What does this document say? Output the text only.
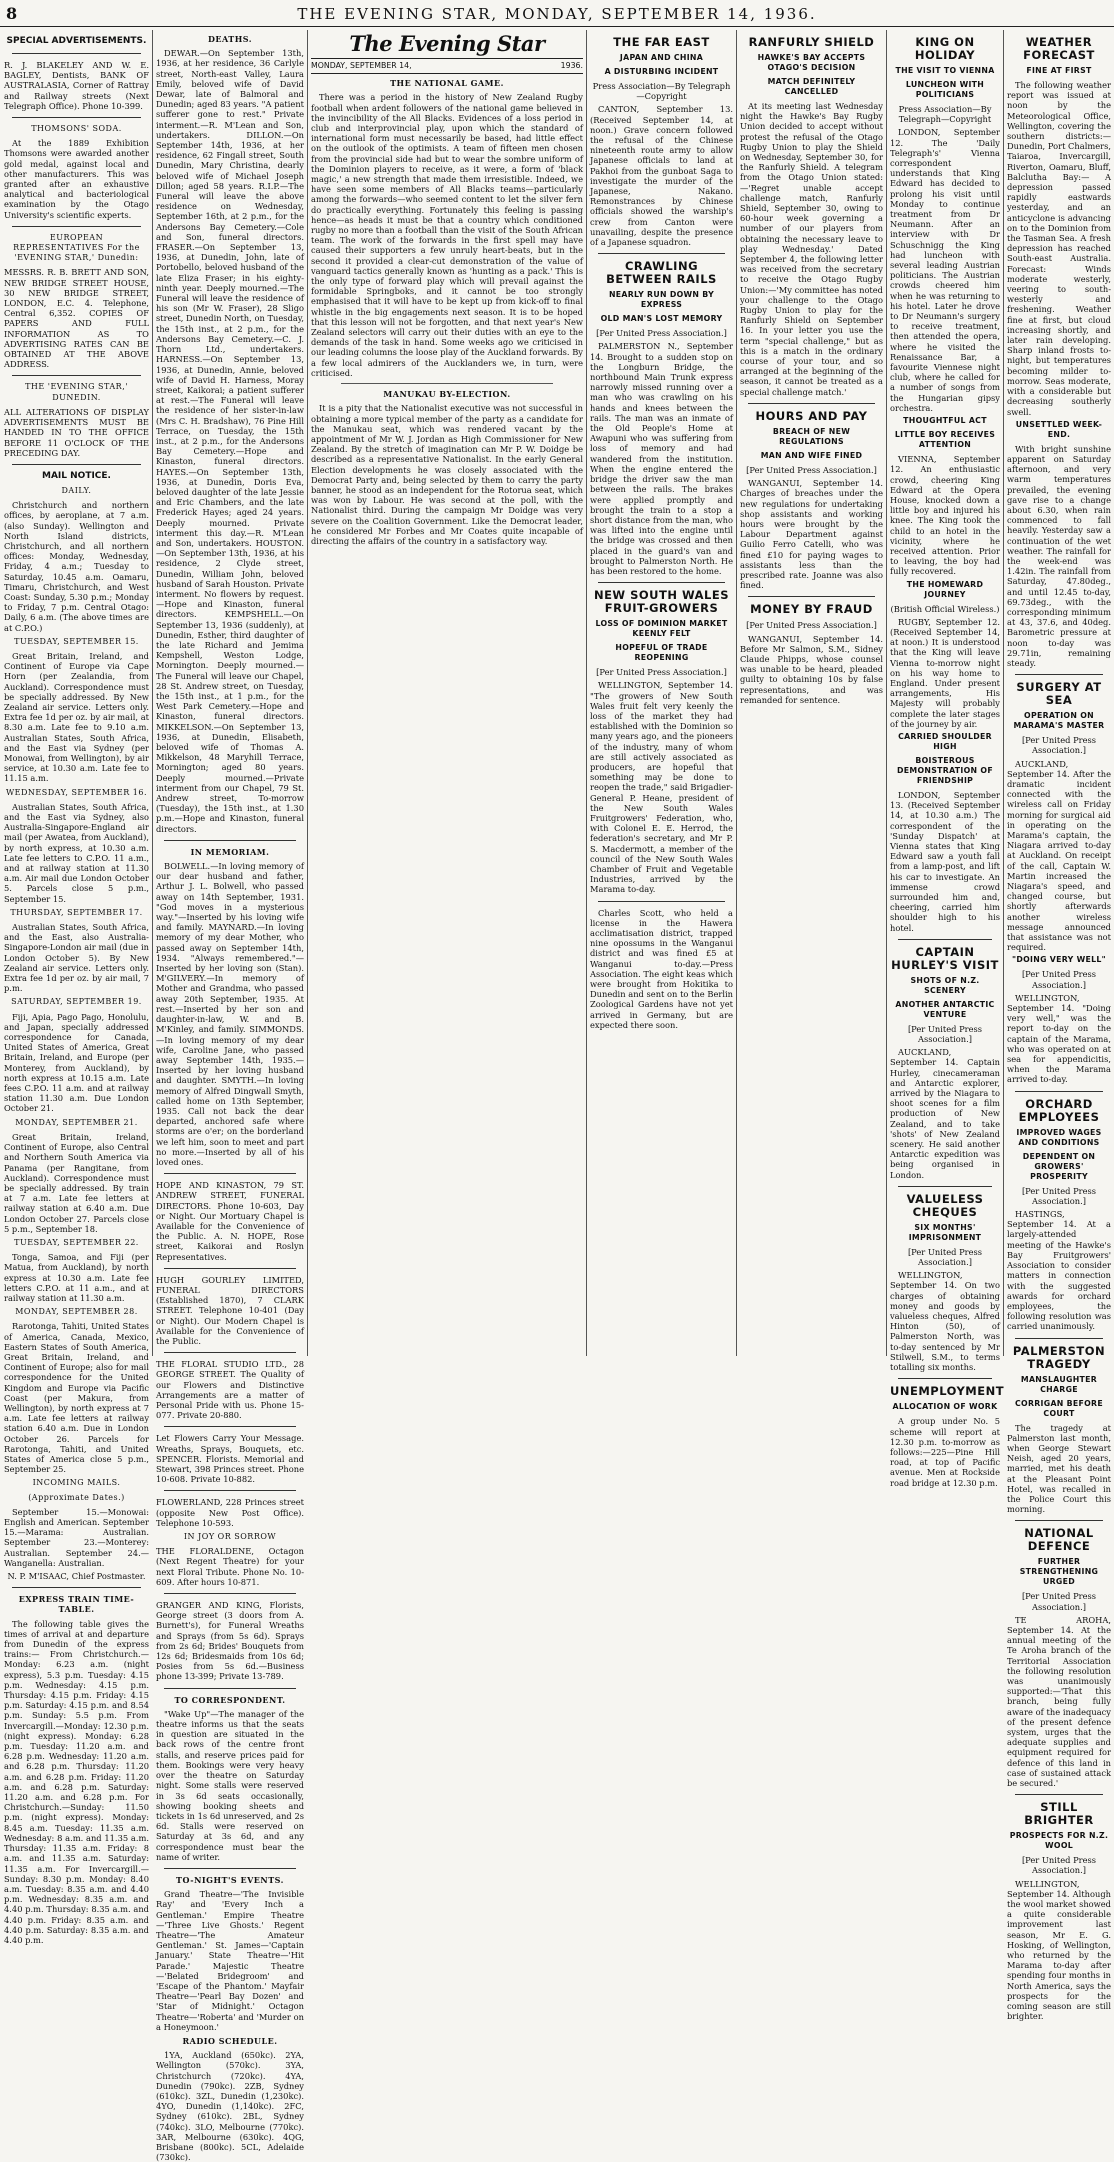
8	THE EVENING STAR, MONDAY, SEPTEMBER 14, 1936.
SPECIAL ADVERTISEMENTS.

R. J. BLAKELEY AND W. E. BAGLEY, Dentists, BANK OF AUSTRALASIA, Corner of Rattray and Railway streets (Next Telegraph Office). Phone 10-399.

THOMSONS' SODA.

At the 1889 Exhibition Thomsons were awarded another gold medal, against local and other manufacturers. This was granted after an exhaustive analytical and bacteriological examination by the Otago University's scientific experts.

EUROPEAN REPRESENTATIVES For the 'EVENING STAR,' Dunedin:

MESSRS. R. B. BRETT AND SON, NEW BRIDGE STREET HOUSE, 30 NEW BRIDGE STREET, LONDON, E.C. 4. Telephone, Central 6,352. COPIES OF PAPERS AND FULL INFORMATION AS TO ADVERTISING RATES CAN BE OBTAINED AT THE ABOVE ADDRESS.

THE 'EVENING STAR,' DUNEDIN.

ALL ALTERATIONS OF DISPLAY ADVERTISEMENTS MUST BE HANDED IN TO THE OFFICE BEFORE 11 O'CLOCK OF THE PRECEDING DAY.

MAIL NOTICE.
DAILY.

Christchurch and northern offices, by aeroplane, at 7 a.m. (also Sunday). Wellington and North Island districts, Christchurch, and all northern offices: Monday, Wednesday, Friday, 4 a.m.; Tuesday to Saturday, 10.45 a.m. Oamaru, Timaru, Christchurch, and West Coast: Sunday, 5.30 p.m.; Monday to Friday, 7 p.m. Central Otago: Daily, 6 a.m. (The above times are at C.P.O.)

TUESDAY, SEPTEMBER 15.

Great Britain, Ireland, and Continent of Europe via Cape Horn (per Zealandia, from Auckland). Correspondence must be specially addressed. By New Zealand air service. Letters only. Extra fee 1d per oz. by air mail, at 8.30 a.m. Late fee to 9.10 a.m. Australian States, South Africa, and the East via Sydney (per Monowai, from Wellington), by air service, at 10.30 a.m. Late fee to 11.15 a.m.

WEDNESDAY, SEPTEMBER 16.

Australian States, South Africa, and the East via Sydney, also Australia-Singapore-England air mail (per Awatea, from Auckland), by north express, at 10.30 a.m. Late fee letters to C.P.O. 11 a.m., and at railway station at 11.30 a.m. Air mail due London October 5. Parcels close 5 p.m., September 15.

THURSDAY, SEPTEMBER 17.

Australian States, South Africa, and the East, also Australia-Singapore-London air mail (due in London October 5). By New Zealand air service. Letters only. Extra fee 1d per oz. by air mail, 7 p.m.

SATURDAY, SEPTEMBER 19.

Fiji, Apia, Pago Pago, Honolulu, and Japan, specially addressed correspondence for Canada, United States of America, Great Britain, Ireland, and Europe (per Monterey, from Auckland), by north express at 10.15 a.m. Late fees C.P.O. 11 a.m. and at railway station 11.30 a.m. Due London October 21.

MONDAY, SEPTEMBER 21.

Great Britain, Ireland, Continent of Europe, also Central and Northern South America via Panama (per Rangitane, from Auckland). Correspondence must be specially addressed. By train at 7 a.m. Late fee letters at railway station at 6.40 a.m. Due London October 27. Parcels close 5 p.m., September 18.

TUESDAY, SEPTEMBER 22.

Tonga, Samoa, and Fiji (per Matua, from Auckland), by north express at 10.30 a.m. Late fee letters C.P.O. at 11 a.m., and at railway station at 11.30 a.m.

MONDAY, SEPTEMBER 28.

Rarotonga, Tahiti, United States of America, Canada, Mexico, Eastern States of South America, Great Britain, Ireland, and Continent of Europe; also for mail correspondence for the United Kingdom and Europe via Pacific Coast (per Makura, from Wellington), by north express at 7 a.m. Late fee letters at railway station 6.40 a.m. Due in London October 26. Parcels for Rarotonga, Tahiti, and United States of America close 5 p.m., September 25.

INCOMING MAILS.
(Approximate Dates.)

September 15.—Monowai: English and American. September 15.—Marama: Australian. September 23.—Monterey: Australian. September 24.—Wanganella: Australian.

N. P. M'ISAAC, Chief Postmaster.

EXPRESS TRAIN TIME-TABLE.

The following table gives the times of arrival at and departure from Dunedin of the express trains:— From Christchurch.—Monday: 6.23 a.m. (night express), 5.3 p.m. Tuesday: 4.15 p.m. Wednesday: 4.15 p.m. Thursday: 4.15 p.m. Friday: 4.15 p.m. Saturday: 4.15 p.m. and 8.54 p.m. Sunday: 5.5 p.m. From Invercargill.—Monday: 12.30 p.m. (night express). Monday: 6.28 p.m. Tuesday: 11.20 a.m. and 6.28 p.m. Wednesday: 11.20 a.m. and 6.28 p.m. Thursday: 11.20 a.m. and 6.28 p.m. Friday: 11.20 a.m. and 6.28 p.m. Saturday: 11.20 a.m. and 6.28 p.m. For Christchurch.—Sunday: 11.50 p.m. (night express). Monday: 8.45 a.m. Tuesday: 11.35 a.m. Wednesday: 8 a.m. and 11.35 a.m. Thursday: 11.35 a.m. Friday: 8 a.m. and 11.35 a.m. Saturday: 11.35 a.m. For Invercargill.—Sunday: 8.30 p.m. Monday: 8.40 a.m. Tuesday: 8.35 a.m. and 4.40 p.m. Wednesday: 8.35 a.m. and 4.40 p.m. Thursday: 8.35 a.m. and 4.40 p.m. Friday: 8.35 a.m. and 4.40 p.m. Saturday: 8.35 a.m. and 4.40 p.m.

DEATHS.

DEWAR.—On September 13th, 1936, at her residence, 36 Carlyle street, North-east Valley, Laura Emily, beloved wife of David Dewar, late of Balmoral and Dunedin; aged 83 years. "A patient sufferer gone to rest." Private interment.—R. M'Lean and Son, undertakers. DILLON.—On September 14th, 1936, at her residence, 62 Fingall street, South Dunedin, Mary Christina, dearly beloved wife of Michael Joseph Dillon; aged 58 years. R.I.P.—The Funeral will leave the above residence on Wednesday, September 16th, at 2 p.m., for the Andersons Bay Cemetery.—Cole and Son, funeral directors. FRASER.—On September 13, 1936, at Dunedin, John, late of Portobello, beloved husband of the late Eliza Fraser; in his eighty-ninth year. Deeply mourned.—The Funeral will leave the residence of his son (Mr W. Fraser), 28 Sligo street, Dunedin North, on Tuesday, the 15th inst., at 2 p.m., for the Andersons Bay Cemetery.—C. J. Thorn Ltd., undertakers. HARNESS.—On September 13, 1936, at Dunedin, Annie, beloved wife of David H. Harness, Moray street, Kaikorai; a patient sufferer at rest.—The Funeral will leave the residence of her sister-in-law (Mrs C. H. Bradshaw), 76 Pine Hill Terrace, on Tuesday, the 15th inst., at 2 p.m., for the Andersons Bay Cemetery.—Hope and Kinaston, funeral directors. HAYES.—On September 13th, 1936, at Dunedin, Doris Eva, beloved daughter of the late Jessie and Eric Chambers, and the late Frederick Hayes; aged 24 years. Deeply mourned. Private interment this day.—R. M'Lean and Son, undertakers. HOUSTON.—On September 13th, 1936, at his residence, 2 Clyde street, Dunedin, William John, beloved husband of Sarah Houston. Private interment. No flowers by request.—Hope and Kinaston, funeral directors. KEMPSHELL.—On September 13, 1936 (suddenly), at Dunedin, Esther, third daughter of the late Richard and Jemima Kempshell, Weston Lodge, Mornington. Deeply mourned.—The Funeral will leave our Chapel, 28 St. Andrew street, on Tuesday, the 15th inst., at 1 p.m., for the West Park Cemetery.—Hope and Kinaston, funeral directors. MIKKELSON.—On September 13, 1936, at Dunedin, Elisabeth, beloved wife of Thomas A. Mikkelson, 48 Maryhill Terrace, Mornington; aged 80 years. Deeply mourned.—Private interment from our Chapel, 79 St. Andrew street, To-morrow (Tuesday), the 15th inst., at 1.30 p.m.—Hope and Kinaston, funeral directors.

IN MEMORIAM.

BOLWELL.—In loving memory of our dear husband and father, Arthur J. L. Bolwell, who passed away on 14th September, 1931. "God moves in a mysterious way."—Inserted by his loving wife and family. MAYNARD.—In loving memory of my dear Mother, who passed away on September 14th, 1934. "Always remembered."—Inserted by her loving son (Stan). M'GILVERY.—In memory of Mother and Grandma, who passed away 20th September, 1935. At rest.—Inserted by her son and daughter-in-law, W. and B. M'Kinley, and family. SIMMONDS.—In loving memory of my dear wife, Caroline Jane, who passed away September 14th, 1935.—Inserted by her loving husband and daughter. SMYTH.—In loving memory of Alfred Dingwall Smyth, called home on 13th September, 1935. Call not back the dear departed, anchored safe where storms are o'er; on the borderland we left him, soon to meet and part no more.—Inserted by all of his loved ones.

HOPE AND KINASTON, 79 ST. ANDREW STREET, FUNERAL DIRECTORS. Phone 10-603, Day or Night. Our Mortuary Chapel is Available for the Convenience of the Public. A. N. HOPE, Rose street, Kaikorai and Roslyn Representatives.

HUGH GOURLEY LIMITED, FUNERAL DIRECTORS (Established 1870), 7 CLARK STREET. Telephone 10-401 (Day or Night). Our Modern Chapel is Available for the Convenience of the Public.

THE FLORAL STUDIO LTD., 28 GEORGE STREET. The Quality of our Flowers and Distinctive Arrangements are a matter of Personal Pride with us. Phone 15-077. Private 20-880.

Let Flowers Carry Your Message. Wreaths, Sprays, Bouquets, etc. SPENCER. Florists. Memorial and Stewart, 398 Princes street. Phone 10-608. Private 10-882.

FLOWERLAND, 228 Princes street (opposite New Post Office). Telephone 10-593.

IN JOY OR SORROW

THE FLORALDENE, Octagon (Next Regent Theatre) for your next Floral Tribute. Phone No. 10-609. After hours 10-871.

GRANGER AND KING, Florists, George street (3 doors from A. Burnett's), for Funeral Wreaths and Sprays (from 5s 6d). Sprays from 2s 6d; Brides' Bouquets from 12s 6d; Bridesmaids from 10s 6d; Posies from 5s 6d.—Business phone 13-399; Private 13-789.

TO CORRESPONDENT.

"Wake Up"—The manager of the theatre informs us that the seats in question are situated in the back rows of the centre front stalls, and reserve prices paid for them. Bookings were very heavy over the theatre on Saturday night. Some stalls were reserved in 3s 6d seats occasionally, showing booking sheets and tickets in 1s 6d unreserved, and 2s 6d. Stalls were reserved on Saturday at 3s 6d, and any correspondence must bear the name of writer.

TO-NIGHT'S EVENTS.

Grand Theatre—'The Invisible Ray' and 'Every Inch a Gentleman.' Empire Theatre—'Three Live Ghosts.' Regent Theatre—'The Amateur Gentleman.' St. James—'Captain January.' State Theatre—'Hit Parade.' Majestic Theatre—'Belated Bridegroom' and 'Escape of the Phantom.' Mayfair Theatre—'Pearl Bay Dozen' and 'Star of Midnight.' Octagon Theatre—'Roberta' and 'Murder on a Honeymoon.'

RADIO SCHEDULE.

1YA, Auckland (650kc). 2YA, Wellington (570kc). 3YA, Christchurch (720kc). 4YA, Dunedin (790kc). 2ZB, Sydney (610kc). 3ZL, Dunedin (1,230kc). 4YO, Dunedin (1,140kc). 2FC, Sydney (610kc). 2BL, Sydney (740kc). 3LO, Melbourne (770kc). 3AR, Melbourne (630kc). 4QG, Brisbane (800kc). 5CL, Adelaide (730kc).

The Evening Star
MONDAY, SEPTEMBER 14,	1936.
THE NATIONAL GAME.

There was a period in the history of New Zealand Rugby football when ardent followers of the national game believed in the invincibility of the All Blacks. Evidences of a loss period in club and interprovincial play, upon which the standard of international form must necessarily be based, had little effect on the outlook of the optimists. A team of fifteen men chosen from the provincial side had but to wear the sombre uniform of the Dominion players to receive, as it were, a form of 'black magic,' a new strength that made them irresistible. Indeed, we have seen some members of All Blacks teams—particularly among the forwards—who seemed content to let the silver fern do practically everything. Fortunately this feeling is passing hence—as heads it must be that a country which conditioned rugby no more than a football than the visit of the South African team. The work of the forwards in the first spell may have caused their supporters a few unruly heart-beats, but in the second it provided a clear-cut demonstration of the value of vanguard tactics generally known as 'hunting as a pack.' This is the only type of forward play which will prevail against the formidable Springboks, and it cannot be too strongly emphasised that it will have to be kept up from kick-off to final whistle in the big engagements next season. It is to be hoped that this lesson will not be forgotten, and that next year's New Zealand selectors will carry out their duties with an eye to the demands of the task in hand. Some weeks ago we criticised in our leading columns the loose play of the Auckland forwards. By a few local admirers of the Aucklanders we, in turn, were criticised.

MANUKAU BY-ELECTION.

It is a pity that the Nationalist executive was not successful in obtaining a more typical member of the party as a candidate for the Manukau seat, which was rendered vacant by the appointment of Mr W. J. Jordan as High Commissioner for New Zealand. By the stretch of imagination can Mr P. W. Doidge be described as a representative Nationalist. In the early General Election developments he was closely associated with the Democrat Party and, being selected by them to carry the party banner, he stood as an independent for the Rotorua seat, which was won by Labour. He was second at the poll, with the Nationalist third. During the campaign Mr Doidge was very severe on the Coalition Government. Like the Democrat leader, he considered Mr Forbes and Mr Coates quite incapable of directing the affairs of the country in a satisfactory way.

THE FAR EAST
JAPAN AND CHINA
A DISTURBING INCIDENT

Press Association—By Telegraph—Copyright

CANTON, September 13. (Received September 14, at noon.) Grave concern followed the refusal of the Chinese nineteenth route army to allow Japanese officials to land at Pakhoi from the gunboat Saga to investigate the murder of the Japanese, Nakano. Remonstrances by Chinese officials showed the warship's crew from Canton were unavailing, despite the presence of a Japanese squadron.

CRAWLING BETWEEN RAILS
NEARLY RUN DOWN BY EXPRESS
OLD MAN'S LOST MEMORY

[Per United Press Association.]

PALMERSTON N., September 14. Brought to a sudden stop on the Longburn Bridge, the northbound Main Trunk express narrowly missed running over a man who was crawling on his hands and knees between the rails. The man was an inmate of the Old People's Home at Awapuni who was suffering from loss of memory and had wandered from the institution. When the engine entered the bridge the driver saw the man between the rails. The brakes were applied promptly and brought the train to a stop a short distance from the man, who was lifted into the engine until the bridge was crossed and then placed in the guard's van and brought to Palmerston North. He has been restored to the home.

NEW SOUTH WALES FRUIT-GROWERS
LOSS OF DOMINION MARKET KEENLY FELT
HOPEFUL OF TRADE REOPENING

[Per United Press Association.]

WELLINGTON, September 14. "The growers of New South Wales fruit felt very keenly the loss of the market they had established with the Dominion so many years ago, and the pioneers of the industry, many of whom are still actively associated as producers, are hopeful that something may be done to reopen the trade," said Brigadier-General P. Heane, president of the New South Wales Fruitgrowers' Federation, who, with Colonel E. E. Herrod, the federation's secretary, and Mr P. S. Macdermott, a member of the council of the New South Wales Chamber of Fruit and Vegetable Industries, arrived by the Marama to-day.

Charles Scott, who held a license in the Hawera acclimatisation district, trapped nine opossums in the Wanganui district and was fined £5 at Wanganui to-day.—Press Association. The eight keas which were brought from Hokitika to Dunedin and sent on to the Berlin Zoological Gardens have not yet arrived in Germany, but are expected there soon.

RANFURLY SHIELD
HAWKE'S BAY ACCEPTS OTAGO'S DECISION
MATCH DEFINITELY CANCELLED

At its meeting last Wednesday night the Hawke's Bay Rugby Union decided to accept without protest the refusal of the Otago Rugby Union to play the Shield on Wednesday, September 30, for the Ranfurly Shield. A telegram from the Otago Union stated:—'Regret unable accept challenge match, Ranfurly Shield, September 30, owing to 60-hour week governing a number of our players from obtaining the necessary leave to play Wednesday.' Dated September 4, the following letter was received from the secretary to receive the Otago Rugby Union:—'My committee has noted your challenge to the Otago Rugby Union to play for the Ranfurly Shield on September 16. In your letter you use the term "special challenge," but as this is a match in the ordinary course of your tour, and so arranged at the beginning of the season, it cannot be treated as a special challenge match.'

HOURS AND PAY
BREACH OF NEW REGULATIONS
MAN AND WIFE FINED

[Per United Press Association.]

WANGANUI, September 14. Charges of breaches under the new regulations for undertaking shop assistants and working hours were brought by the Labour Department against Guilio Ferro Catelli, who was fined £10 for paying wages to assistants less than the prescribed rate. Joanne was also fined.

MONEY BY FRAUD

[Per United Press Association.]

WANGANUI, September 14. Before Mr Salmon, S.M., Sidney Claude Phipps, whose counsel was unable to be heard, pleaded guilty to obtaining 10s by false representations, and was remanded for sentence.

KING ON HOLIDAY
THE VISIT TO VIENNA
LUNCHEON WITH POLITICIANS

Press Association—By Telegraph—Copyright

LONDON, September 12. The 'Daily Telegraph's' Vienna correspondent understands that King Edward has decided to prolong his visit until Monday to continue treatment from Dr Neumann. After an interview with Dr Schuschnigg the King had luncheon with several leading Austrian politicians. The Austrian crowds cheered him when he was returning to his hotel. Later he drove to Dr Neumann's surgery to receive treatment, then attended the opera, where he visited the Renaissance Bar, a favourite Viennese night club, where he called for a number of songs from the Hungarian gipsy orchestra.

THOUGHTFUL ACT
LITTLE BOY RECEIVES ATTENTION

VIENNA, September 12. An enthusiastic crowd, cheering King Edward at the Opera House, knocked down a little boy and injured his knee. The King took the child to an hotel in the vicinity, where he received attention. Prior to leaving, the boy had fully recovered.

THE HOMEWARD JOURNEY

(British Official Wireless.)

RUGBY, September 12. (Received September 14, at noon.) It is understood that the King will leave Vienna to-morrow night on his way home to England. Under present arrangements, His Majesty will probably complete the later stages of the journey by air.

CARRIED SHOULDER HIGH
BOISTEROUS DEMONSTRATION OF FRIENDSHIP

LONDON, September 13. (Received September 14, at 10.30 a.m.) The correspondent of the 'Sunday Dispatch' at Vienna states that King Edward saw a youth fall from a lamp-post, and lift his car to investigate. An immense crowd surrounded him and, cheering, carried him shoulder high to his hotel.

CAPTAIN HURLEY'S VISIT
SHOTS OF N.Z. SCENERY
ANOTHER ANTARCTIC VENTURE

[Per United Press Association.]

AUCKLAND, September 14. Captain Hurley, cinecameraman and Antarctic explorer, arrived by the Niagara to shoot scenes for a film production of New Zealand, and to take 'shots' of New Zealand scenery. He said another Antarctic expedition was being organised in London.

VALUELESS CHEQUES
SIX MONTHS' IMPRISONMENT

[Per United Press Association.]

WELLINGTON, September 14. On two charges of obtaining money and goods by valueless cheques, Alfred Hinton (50), of Palmerston North, was to-day sentenced by Mr Stilwell, S.M., to terms totalling six months.

UNEMPLOYMENT
ALLOCATION OF WORK

A group under No. 5 scheme will report at 12.30 p.m. to-morrow as follows:—225—Pine Hill road, at top of Pacific avenue. Men at Rockside road bridge at 12.30 p.m.

WEATHER FORECAST
FINE AT FIRST

The following weather report was issued at noon by the Meteorological Office, Wellington, covering the southern districts:—Dunedin, Port Chalmers, Taiaroa, Invercargill, Riverton, Oamaru, Bluff, Balclutha Bay:— A depression passed rapidly eastwards yesterday, and an anticyclone is advancing on to the Dominion from the Tasman Sea. A fresh depression has reached South-east Australia. Forecast: Winds moderate westerly, veering to south-westerly and freshening. Weather fine at first, but cloud increasing shortly, and later rain developing. Sharp inland frosts to-night, but temperatures becoming milder to-morrow. Seas moderate, with a considerable but decreasing southerly swell.

UNSETTLED WEEK-END.

With bright sunshine apparent on Saturday afternoon, and very warm temperatures prevailed, the evening gave rise to a change about 6.30, when rain commenced to fall heavily. Yesterday saw a continuation of the wet weather. The rainfall for the week-end was 1.42in. The rainfall from Saturday, 47.80deg., and until 12.45 to-day, 69.73deg., with the corresponding minimum at 43, 37.6, and 40deg. Barometric pressure at noon to-day was 29.71in, remaining steady.

SURGERY AT SEA
OPERATION ON MARAMA'S MASTER

[Per United Press Association.]

AUCKLAND, September 14. After the dramatic incident connected with the wireless call on Friday morning for surgical aid in operating on the Marama's captain, the Niagara arrived to-day at Auckland. On receipt of the call, Captain W. Martin increased the Niagara's speed, and changed course, but shortly afterwards another wireless message announced that assistance was not required.

"DOING VERY WELL"

[Per United Press Association.]

WELLINGTON, September 14. "Doing very well," was the report to-day on the captain of the Marama, who was operated on at sea for appendicitis, when the Marama arrived to-day.

ORCHARD EMPLOYEES
IMPROVED WAGES AND CONDITIONS
DEPENDENT ON GROWERS' PROSPERITY

[Per United Press Association.]

HASTINGS, September 14. At a largely-attended meeting of the Hawke's Bay Fruitgrowers' Association to consider matters in connection with the suggested awards for orchard employees, the following resolution was carried unanimously.

PALMERSTON TRAGEDY
MANSLAUGHTER CHARGE
CORRIGAN BEFORE COURT

The tragedy at Palmerston last month, when George Stewart Neish, aged 20 years, married, met his death at the Pleasant Point Hotel, was recalled in the Police Court this morning.

NATIONAL DEFENCE
FURTHER STRENGTHENING URGED

[Per United Press Association.]

TE AROHA, September 14. At the annual meeting of the Te Aroha branch of the Territorial Association the following resolution was unanimously supported:—'That this branch, being fully aware of the inadequacy of the present defence system, urges that the adequate supplies and equipment required for defence of this land in case of sustained attack be secured.'

STILL BRIGHTER
PROSPECTS FOR N.Z. WOOL

[Per United Press Association.]

WELLINGTON, September 14. Although the wool market showed a quite considerable improvement last season, Mr E. G. Hosking, of Wellington, who returned by the Marama to-day after spending four months in North America, says the prospects for the coming season are still brighter.
